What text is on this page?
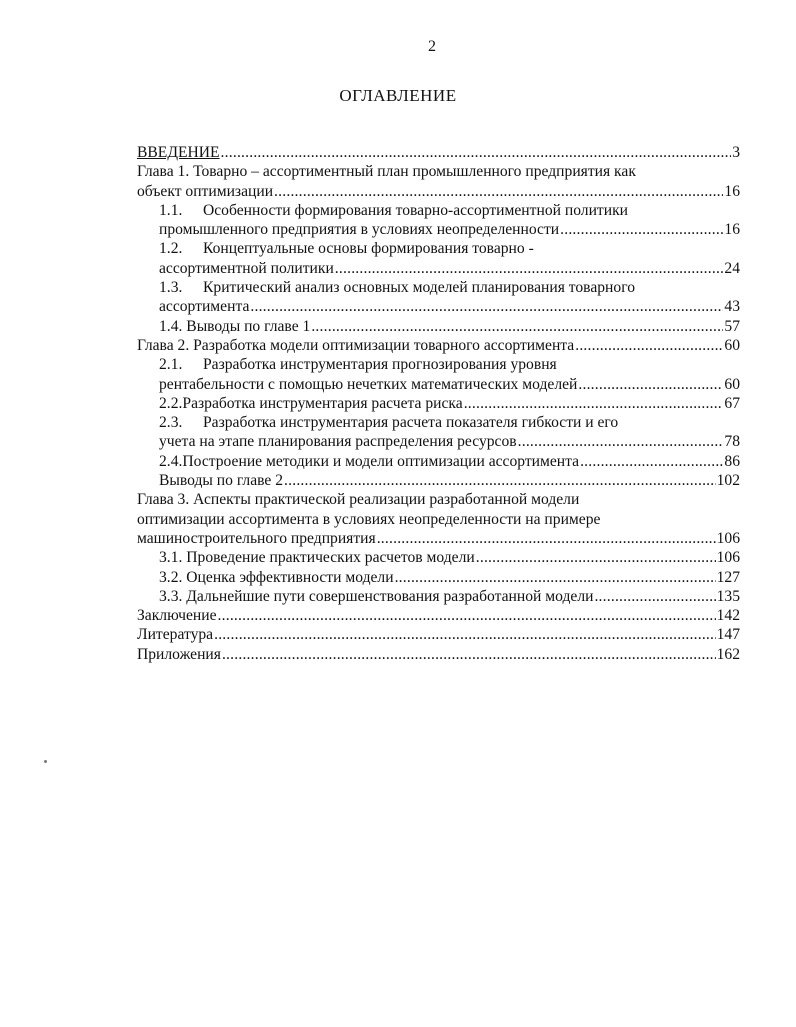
2
ОГЛАВЛЕНИЕ
ВВЕДЕНИЕ .....	3
Глава 1. Товарно – ассортиментный план промышленного предприятия как
объект оптимизации .....	16
1.1.	Особенности формирования товарно-ассортиментной политики
промышленного предприятия в условиях неопределенности .....	16
1.2.	Концептуальные основы формирования товарно -
ассортиментной политики .....	24
1.3.	Критический анализ основных моделей планирования товарного
ассортимента .....	43
1.4. Выводы по главе 1 .....	57
Глава 2. Разработка модели оптимизации товарного ассортимента .....	60
2.1.	Разработка инструментария прогнозирования уровня
рентабельности с помощью нечетких математических моделей .....	60
2.2. Разработка инструментария расчета риска .....	67
2.3.	Разработка инструментария расчета показателя гибкости и его
учета на этапе планирования распределения ресурсов .....	78
2.4. Построение методики и модели оптимизации ассортимента .....	86
Выводы по главе 2 .....	102
Глава 3. Аспекты практической реализации разработанной модели
оптимизации ассортимента в условиях неопределенности на примере
машиностроительного предприятия .....	106
3.1. Проведение практических расчетов модели .....	106
3.2. Оценка эффективности модели .....	127
3.3. Дальнейшие пути совершенствования разработанной модели .....	135
Заключение .....	142
Литература .....	147
Приложения .....	162
